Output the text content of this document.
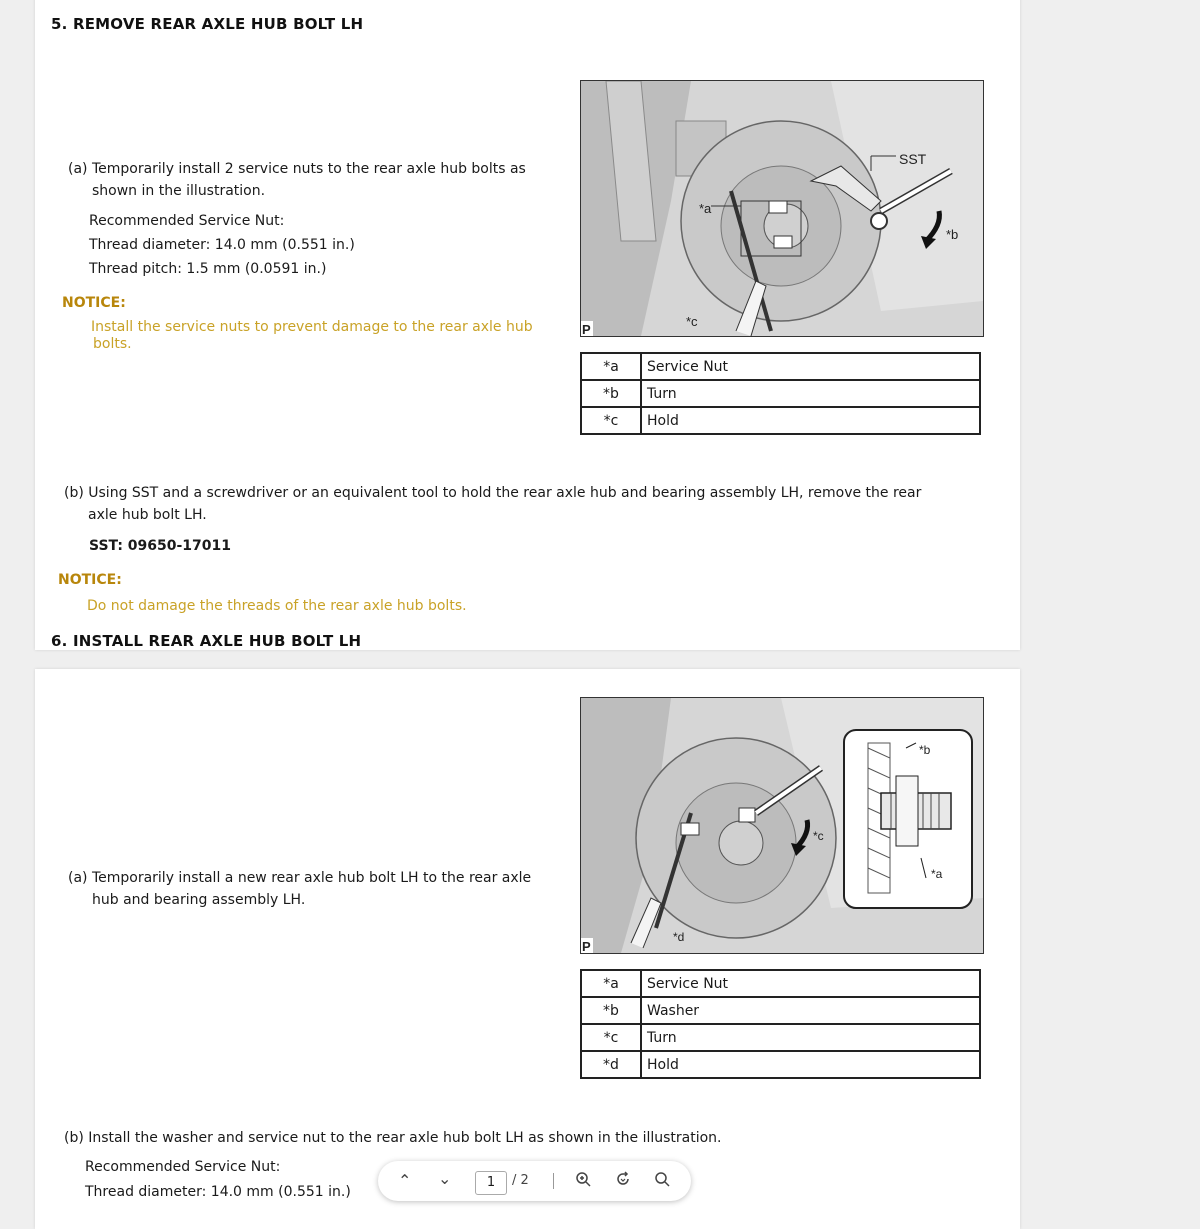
5. REMOVE REAR AXLE HUB BOLT LH
(a) Temporarily install 2 service nuts to the rear axle hub bolts as
shown in the illustration.
Recommended Service Nut:
Thread diameter: 14.0 mm (0.551 in.)
Thread pitch: 1.5 mm (0.0591 in.)
NOTICE:
Install the service nuts to prevent damage to the rear axle hub
bolts.
SST
*a
*b
*c
P
*a	Service Nut
*b	Turn
*c	Hold
(b) Using SST and a screwdriver or an equivalent tool to hold the rear axle hub and bearing assembly LH, remove the rear
axle hub bolt LH.
SST: 09650-17011
NOTICE:
Do not damage the threads of the rear axle hub bolts.
6. INSTALL REAR AXLE HUB BOLT LH
(a) Temporarily install a new rear axle hub bolt LH to the rear axle
hub and bearing assembly LH.
*b
*a
*c
*d
P
*a	Service Nut
*b	Washer
*c	Turn
*d	Hold
(b) Install the washer and service nut to the rear axle hub bolt LH as shown in the illustration.
Recommended Service Nut:
Thread diameter: 14.0 mm (0.551 in.)
⌃ ⌄	1	/ 2
